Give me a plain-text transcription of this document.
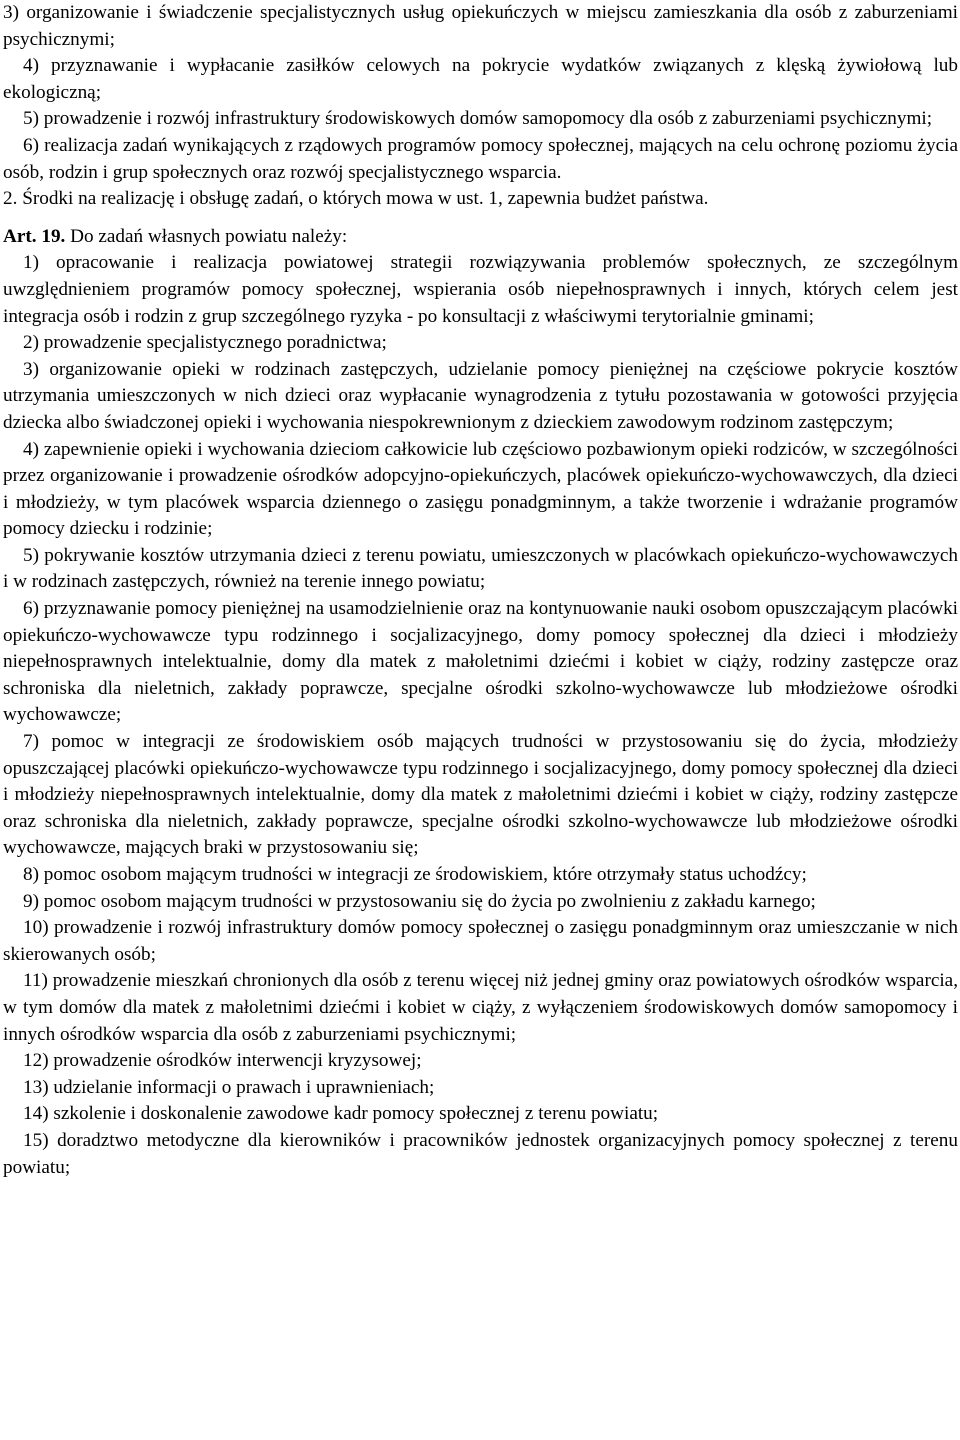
3) organizowanie i świadczenie specjalistycznych usług opiekuńczych w miejscu zamieszkania dla osób z zaburzeniami psychicznymi;

4) przyznawanie i wypłacanie zasiłków celowych na pokrycie wydatków związanych z klęską żywiołową lub ekologiczną;

5) prowadzenie i rozwój infrastruktury środowiskowych domów samopomocy dla osób z zaburzeniami psychicznymi;

6) realizacja zadań wynikających z rządowych programów pomocy społecznej, mających na celu ochronę poziomu życia osób, rodzin i grup społecznych oraz rozwój specjalistycznego wsparcia.

2. Środki na realizację i obsługę zadań, o których mowa w ust. 1, zapewnia budżet państwa.

Art. 19. Do zadań własnych powiatu należy:

1) opracowanie i realizacja powiatowej strategii rozwiązywania problemów społecznych, ze szczególnym uwzględnieniem programów pomocy społecznej, wspierania osób niepełnosprawnych i innych, których celem jest integracja osób i rodzin z grup szczególnego ryzyka - po konsultacji z właściwymi terytorialnie gminami;

2) prowadzenie specjalistycznego poradnictwa;

3) organizowanie opieki w rodzinach zastępczych, udzielanie pomocy pieniężnej na częściowe pokrycie kosztów utrzymania umieszczonych w nich dzieci oraz wypłacanie wynagrodzenia z tytułu pozostawania w gotowości przyjęcia dziecka albo świadczonej opieki i wychowania niespokrewnionym z dzieckiem zawodowym rodzinom zastępczym;

4) zapewnienie opieki i wychowania dzieciom całkowicie lub częściowo pozbawionym opieki rodziców, w szczególności przez organizowanie i prowadzenie ośrodków adopcyjno-opiekuńczych, placówek opiekuńczo-wychowawczych, dla dzieci i młodzieży, w tym placówek wsparcia dziennego o zasięgu ponadgminnym, a także tworzenie i wdrażanie programów pomocy dziecku i rodzinie;

5) pokrywanie kosztów utrzymania dzieci z terenu powiatu, umieszczonych w placówkach opiekuńczo-wychowawczych i w rodzinach zastępczych, również na terenie innego powiatu;

6) przyznawanie pomocy pieniężnej na usamodzielnienie oraz na kontynuowanie nauki osobom opuszczającym placówki opiekuńczo-wychowawcze typu rodzinnego i socjalizacyjnego, domy pomocy społecznej dla dzieci i młodzieży niepełnosprawnych intelektualnie, domy dla matek z małoletnimi dziećmi i kobiet w ciąży, rodziny zastępcze oraz schroniska dla nieletnich, zakłady poprawcze, specjalne ośrodki szkolno-wychowawcze lub młodzieżowe ośrodki wychowawcze;

7) pomoc w integracji ze środowiskiem osób mających trudności w przystosowaniu się do życia, młodzieży opuszczającej placówki opiekuńczo-wychowawcze typu rodzinnego i socjalizacyjnego, domy pomocy społecznej dla dzieci i młodzieży niepełnosprawnych intelektualnie, domy dla matek z małoletnimi dziećmi i kobiet w ciąży, rodziny zastępcze oraz schroniska dla nieletnich, zakłady poprawcze, specjalne ośrodki szkolno-wychowawcze lub młodzieżowe ośrodki wychowawcze, mających braki w przystosowaniu się;

8) pomoc osobom mającym trudności w integracji ze środowiskiem, które otrzymały status uchodźcy;

9) pomoc osobom mającym trudności w przystosowaniu się do życia po zwolnieniu z zakładu karnego;

10) prowadzenie i rozwój infrastruktury domów pomocy społecznej o zasięgu ponadgminnym oraz umieszczanie w nich skierowanych osób;

11) prowadzenie mieszkań chronionych dla osób z terenu więcej niż jednej gminy oraz powiatowych ośrodków wsparcia, w tym domów dla matek z małoletnimi dziećmi i kobiet w ciąży, z wyłączeniem środowiskowych domów samopomocy i innych ośrodków wsparcia dla osób z zaburzeniami psychicznymi;

12) prowadzenie ośrodków interwencji kryzysowej;

13) udzielanie informacji o prawach i uprawnieniach;

14) szkolenie i doskonalenie zawodowe kadr pomocy społecznej z terenu powiatu;

15) doradztwo metodyczne dla kierowników i pracowników jednostek organizacyjnych pomocy społecznej z terenu powiatu;
